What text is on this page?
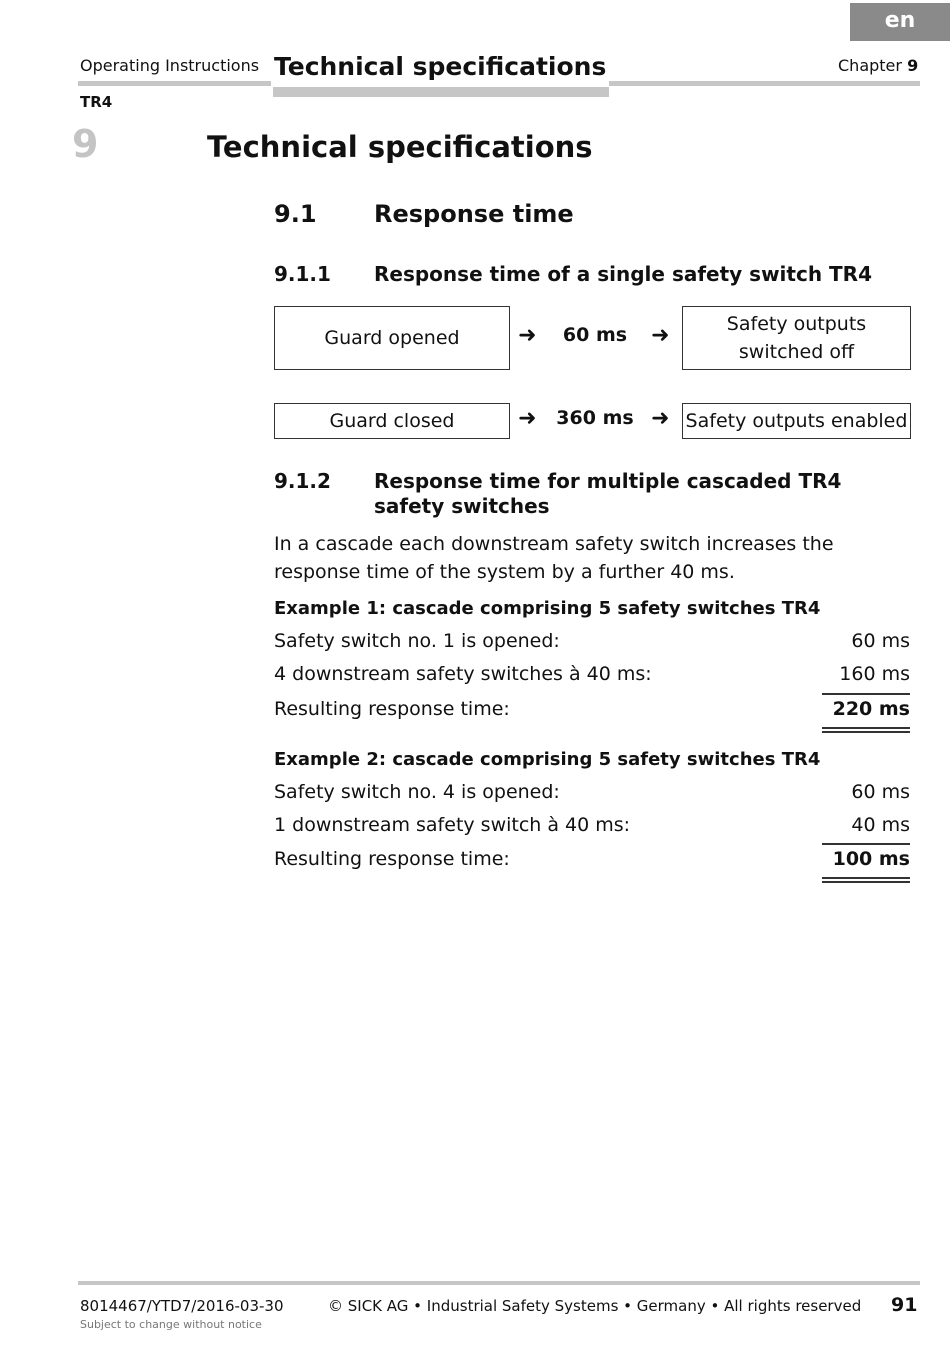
en
Operating Instructions Technical specifications	Chapter 9
TR4
9	Technical specifications
9.1 Response time
9.1.1 Response time of a single safety switch TR4
Guard opened	➜	60 ms	➜	Safety outputs
switched off
Guard closed	➜	360 ms ➜ Safety outputs enabled
9.1.2 Response time for multiple cascaded TR4 safety switches
In a cascade each downstream safety switch increases the response time of the system by a further 40 ms.
Example 1: cascade comprising 5 safety switches TR4
Safety switch no. 1 is opened:	60 ms
4 downstream safety switches à 40 ms:	160 ms
Resulting response time:	220 ms
Example 2: cascade comprising 5 safety switches TR4
Safety switch no. 4 is opened:	60 ms
1 downstream safety switch à 40 ms:	40 ms
Resulting response time:	100 ms
8014467/YTD7/2016-03-30
Subject to change without notice
© SICK AG • Industrial Safety Systems • Germany • All rights reserved 91
